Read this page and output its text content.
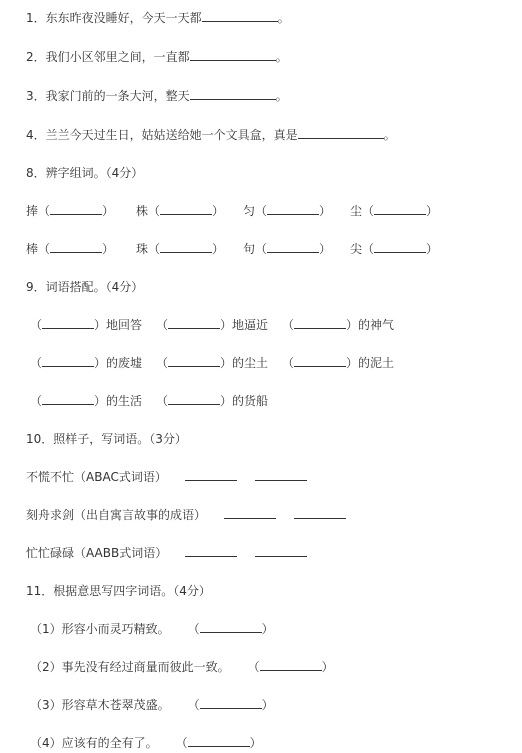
1．东东昨夜没睡好，今天一天都	。
2．我们小区邻里之间，一直都	。
3．我家门前的一条大河，整天	。
4．兰兰今天过生日，姑姑送给她一个文具盒，真是	。
8．辨字组词。（4分）
捧（	） 株（	） 匀（	） 尘（	）
棒（	） 珠（	） 句（	） 尖（	）
9．词语搭配。（4分）
（	）地回答 （	）地逼近 （	）的神气
（	）的废墟 （	）的尘土 （	）的泥土
（	）的生活 （	）的货船
10．照样子，写词语。（3分）
不慌不忙（ABAC式词语）
刻舟求剑（出自寓言故事的成语）
忙忙碌碌（AABB式词语）
11．根据意思写四字词语。（4分）
（1）形容小而灵巧精致。 （	）
（2）事先没有经过商量而彼此一致。 （	）
（3）形容草木苍翠茂盛。 （	）
（4）应该有的全有了。 （	）
